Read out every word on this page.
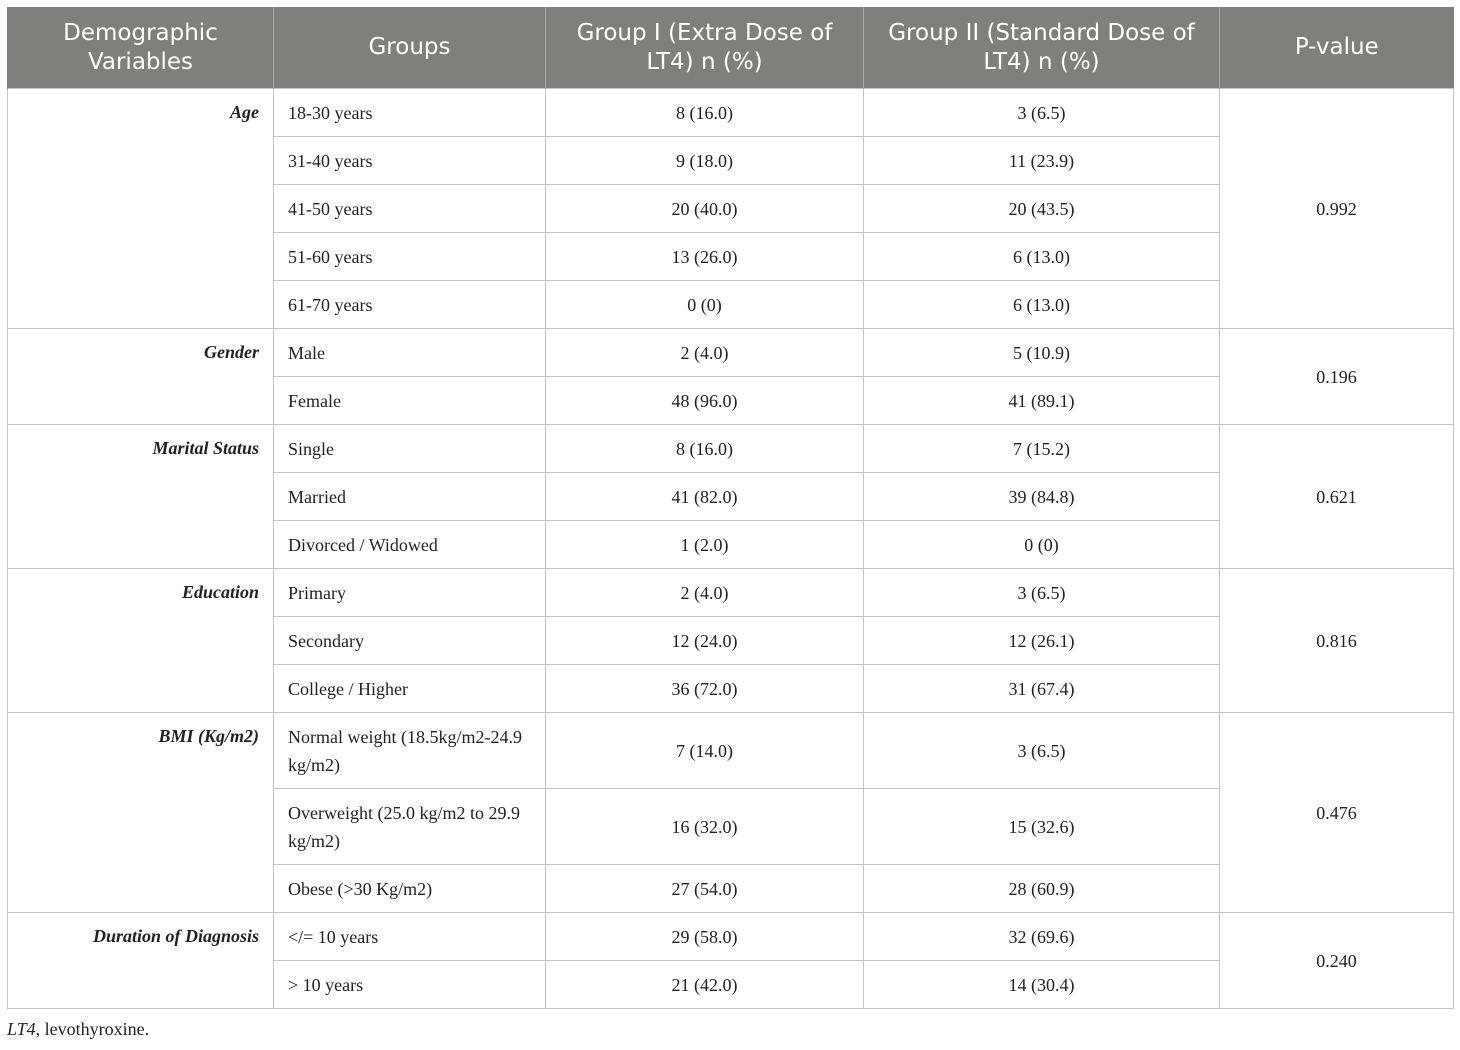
Demographic Variables	Groups	Group I (Extra Dose of LT4) n (%)	Group II (Standard Dose of LT4) n (%)	P-value
Age	18-30 years	8 (16.0)	3 (6.5)	0.992
	31-40 years	9 (18.0)	11 (23.9)	
	41-50 years	20 (40.0)	20 (43.5)	
	51-60 years	13 (26.0)	6 (13.0)	
	61-70 years	0 (0)	6 (13.0)	
Gender	Male	2 (4.0)	5 (10.9)	0.196
	Female	48 (96.0)	41 (89.1)	
Marital Status	Single	8 (16.0)	7 (15.2)	0.621
	Married	41 (82.0)	39 (84.8)	
	Divorced / Widowed	1 (2.0)	0 (0)	
Education	Primary	2 (4.0)	3 (6.5)	0.816
	Secondary	12 (24.0)	12 (26.1)	
	College / Higher	36 (72.0)	31 (67.4)	
BMI (Kg/m2)	Normal weight (18.5kg/m2-24.9 kg/m2)	7 (14.0)	3 (6.5)	0.476
	Overweight (25.0 kg/m2 to 29.9 kg/m2)	16 (32.0)	15 (32.6)	
	Obese (>30 Kg/m2)	27 (54.0)	28 (60.9)	
Duration of Diagnosis	</= 10 years	29 (58.0)	32 (69.6)	0.240
	> 10 years	21 (42.0)	14 (30.4)	
LT4, levothyroxine.
